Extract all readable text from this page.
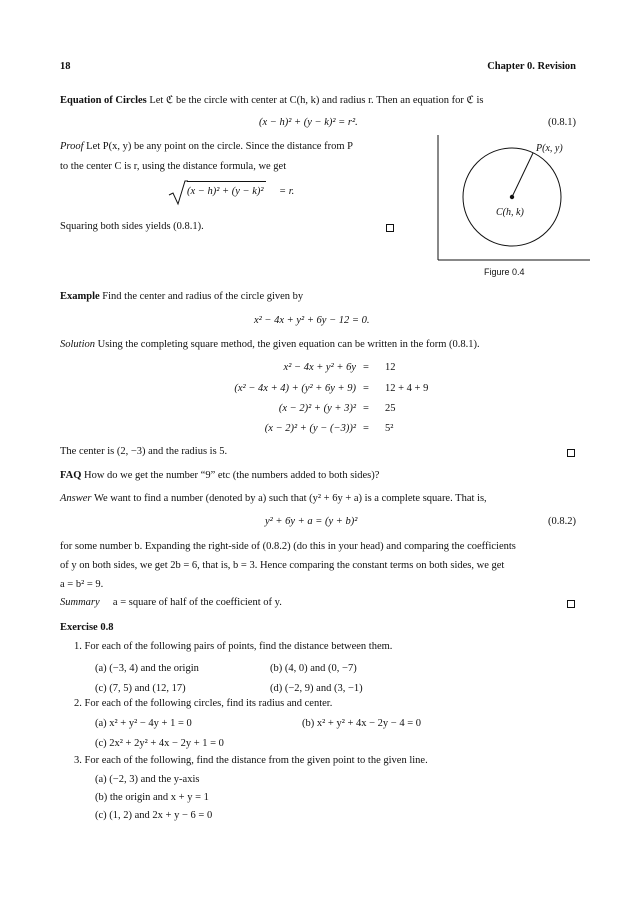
18	Chapter 0. Revision
Equation of Circles Let ℭ be the circle with center at C(h, k) and radius r. Then an equation for ℭ is
(x − h)² + (y − k)² = r².	(0.8.1)
Proof Let P(x, y) be any point on the circle. Since the distance from P
to the center C is r, using the distance formula, we get
(x − h)² + (y − k)² = r.
Squaring both sides yields (0.8.1).
P(x, y)
C(h, k)
Figure 0.4
Example Find the center and radius of the circle given by
x² − 4x + y² + 6y − 12 = 0.
Solution Using the completing square method, the given equation can be written in the form (0.8.1).
x² − 4x + y² + 6y = 12
(x² − 4x + 4) + (y² + 6y + 9) = 12 + 4 + 9
(x − 2)² + (y + 3)² = 25
(x − 2)² + (y − (−3))² = 5²
The center is (2, −3) and the radius is 5.
FAQ How do we get the number “9” etc (the numbers added to both sides)?
Answer We want to find a number (denoted by a) such that (y² + 6y + a) is a complete square. That is,
y² + 6y + a = (y + b)²	(0.8.2)
for some number b. Expanding the right-side of (0.8.2) (do this in your head) and comparing the coefficients
of y on both sides, we get 2b = 6, that is, b = 3. Hence comparing the constant terms on both sides, we get
a = b² = 9.
Summary a = square of half of the coefficient of y.
Exercise 0.8
1. For each of the following pairs of points, find the distance between them.
(a) (−3, 4) and the origin	(b) (4, 0) and (0, −7)
(c) (7, 5) and (12, 17)	(d) (−2, 9) and (3, −1)
2. For each of the following circles, find its radius and center.
(a) x² + y² − 4y + 1 = 0	(b) x² + y² + 4x − 2y − 4 = 0
(c) 2x² + 2y² + 4x − 2y + 1 = 0
3. For each of the following, find the distance from the given point to the given line.
(a) (−2, 3) and the y-axis
(b) the origin and x + y = 1
(c) (1, 2) and 2x + y − 6 = 0
